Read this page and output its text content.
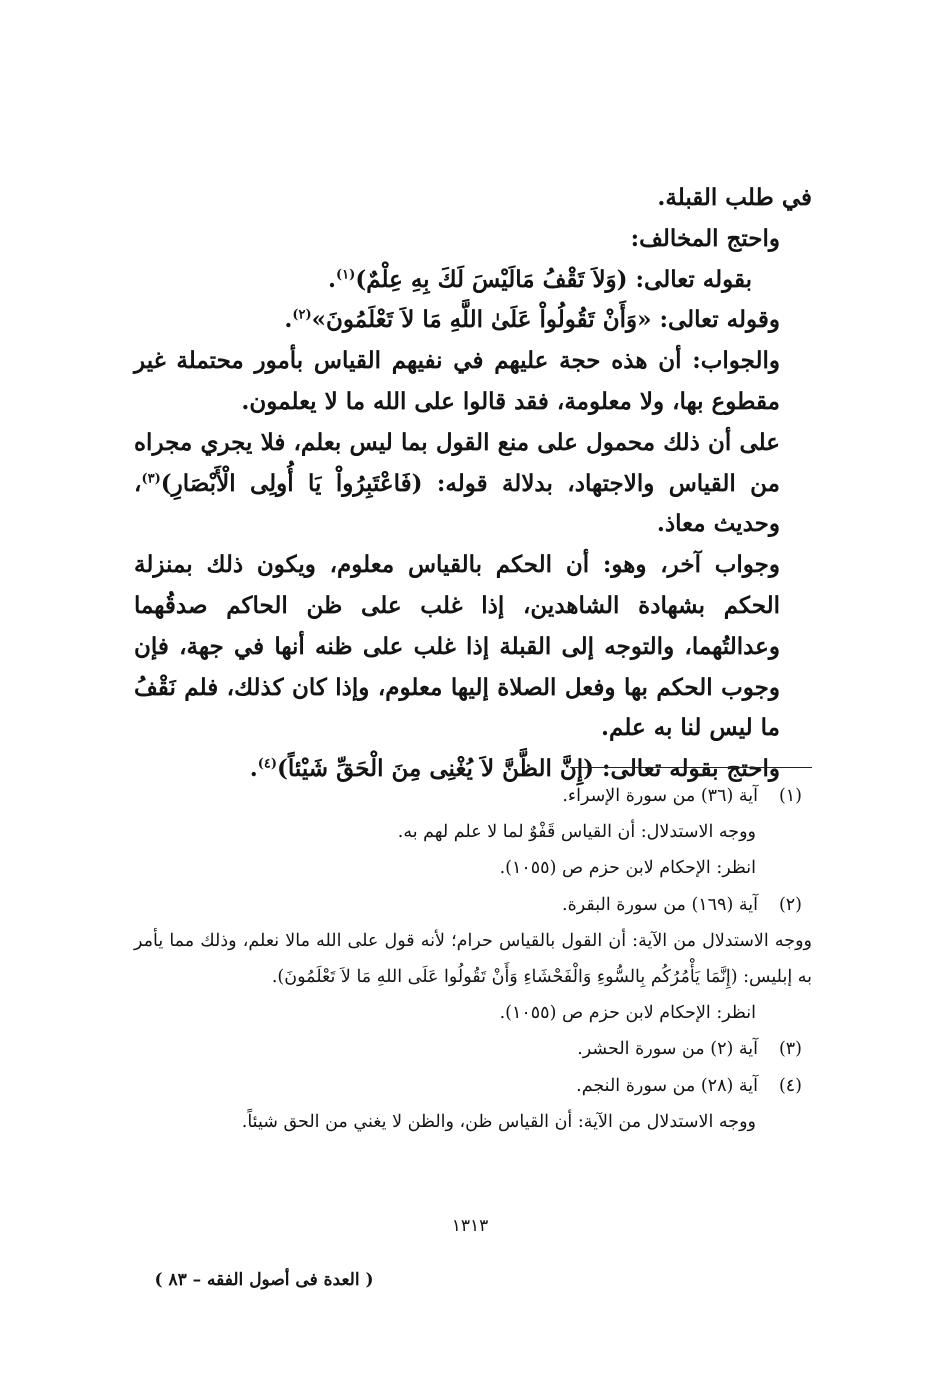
في طلب القبلة.

واحتج المخالف:

بقوله تعالى: (وَلاَ تَقْفُ مَالَيْسَ لَكَ بِهِ عِلْمٌ)$^{(١)}$.

وقوله تعالى: «وَأَنْ تَقُولُواْ عَلَىٰ اللَّهِ مَا لاَ تَعْلَمُونَ»$^{(٢)}$.

والجواب: أن هذه حجة عليهم في نفيهم القياس بأمور محتملة غير مقطوع بها، ولا معلومة، فقد قالوا على الله ما لا يعلمون.

على أن ذلك محمول على منع القول بما ليس بعلم، فلا يجري مجراه من القياس والاجتهاد، بدلالة قوله: (فَاعْتَبِرُواْ يَا أُولِى الْأَبْصَارِ)$^{(٣)}$، وحديث معاذ.

وجواب آخر، وهو: أن الحكم بالقياس معلوم، ويكون ذلك بمنزلة الحكم بشهادة الشاهدين، إذا غلب على ظن الحاكم صدقُهما وعدالتُهما، والتوجه إلى القبلة إذا غلب على ظنه أنها في جهة، فإن وجوب الحكم بها وفعل الصلاة إليها معلوم، وإذا كان كذلك، فلم نَقْفُ ما ليس لنا به علم.

واحتج بقوله تعالى: (إِنَّ الظَّنَّ لاَ يُغْنِى مِنَ الْحَقِّ شَيْئاً)$^{(٤)}$.

(١)
آية (٣٦) من سورة الإسراء.
ووجه الاستدلال: أن القياس قَفْوٌ لما لا علم لهم به.
انظر: الإحكام لابن حزم ص (١٠٥٥).
(٢)
آية (١٦٩) من سورة البقرة.
ووجه الاستدلال من الآية: أن القول بالقياس حرام؛ لأنه قول على الله مالا نعلم، وذلك مما يأمر به إبليس: (إِنَّمَا يَأْمُرُكُم بِالسُّوءِ وَالْفَحْشَاءِ وَأَنْ تَقُولُوا عَلَى اللهِ مَا لاَ تَعْلَمُونَ).
انظر: الإحكام لابن حزم ص (١٠٥٥).
(٣)
آية (٢) من سورة الحشر.
(٤)
آية (٢٨) من سورة النجم.
ووجه الاستدلال من الآية: أن القياس ظن، والظن لا يغني من الحق شيئاً.
١٣١٣
( العدة فى أصول الفقه – ٨٣ )
